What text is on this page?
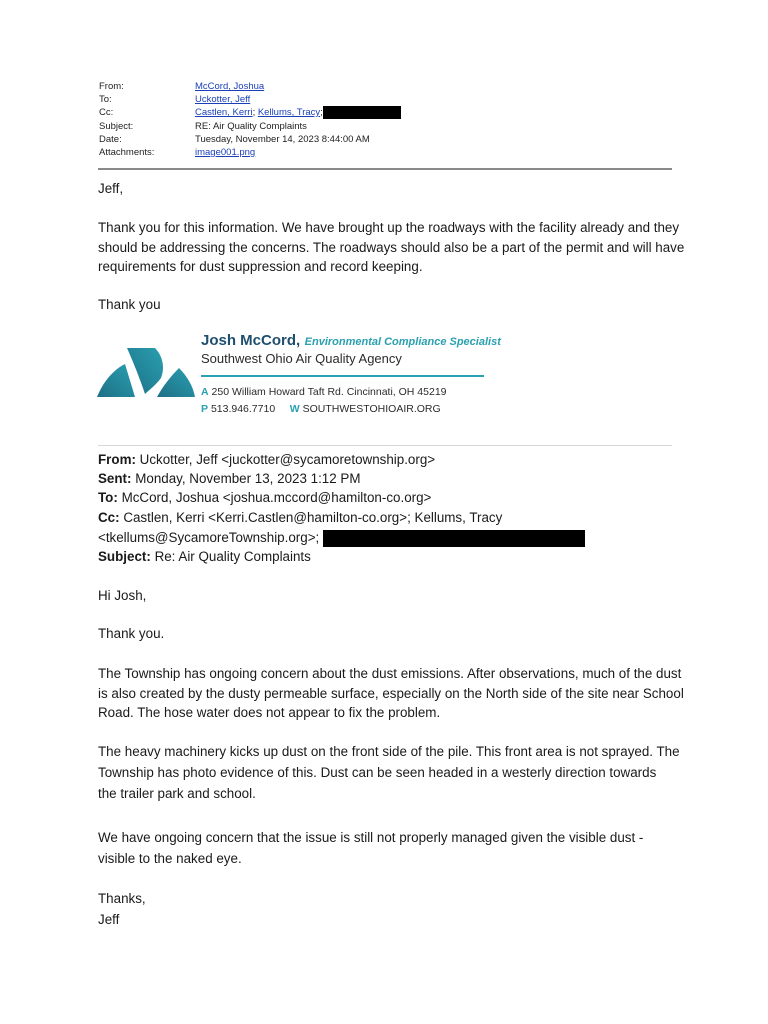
From:	McCord, Joshua
To:	Uckotter, Jeff
Cc:	Castlen, Kerri; Kellums, Tracy;
Subject:	RE: Air Quality Complaints
Date:	Tuesday, November 14, 2023 8:44:00 AM
Attachments:	image001.png
Jeff,
Thank you for this information. We have brought up the roadways with the facility already and they
should be addressing the concerns. The roadways should also be a part of the permit and will have
requirements for dust suppression and record keeping.
Thank you
Josh McCord, Environmental Compliance Specialist
Southwest Ohio Air Quality Agency
A 250 William Howard Taft Rd. Cincinnati, OH 45219
P 513.946.7710 W SOUTHWESTOHIOAIR.ORG
From: Uckotter, Jeff <juckotter@sycamoretownship.org>
Sent: Monday, November 13, 2023 1:12 PM
To: McCord, Joshua <joshua.mccord@hamilton-co.org>
Cc: Castlen, Kerri <Kerri.Castlen@hamilton-co.org>; Kellums, Tracy
<tkellums@SycamoreTownship.org>;
Subject: Re: Air Quality Complaints
Hi Josh,
Thank you.
The Township has ongoing concern about the dust emissions. After observations, much of the dust
is also created by the dusty permeable surface, especially on the North side of the site near School
Road. The hose water does not appear to fix the problem.
The heavy machinery kicks up dust on the front side of the pile. This front area is not sprayed. The
Township has photo evidence of this. Dust can be seen headed in a westerly direction towards
the trailer park and school.
We have ongoing concern that the issue is still not properly managed given the visible dust -
visible to the naked eye.
Thanks,
Jeff
